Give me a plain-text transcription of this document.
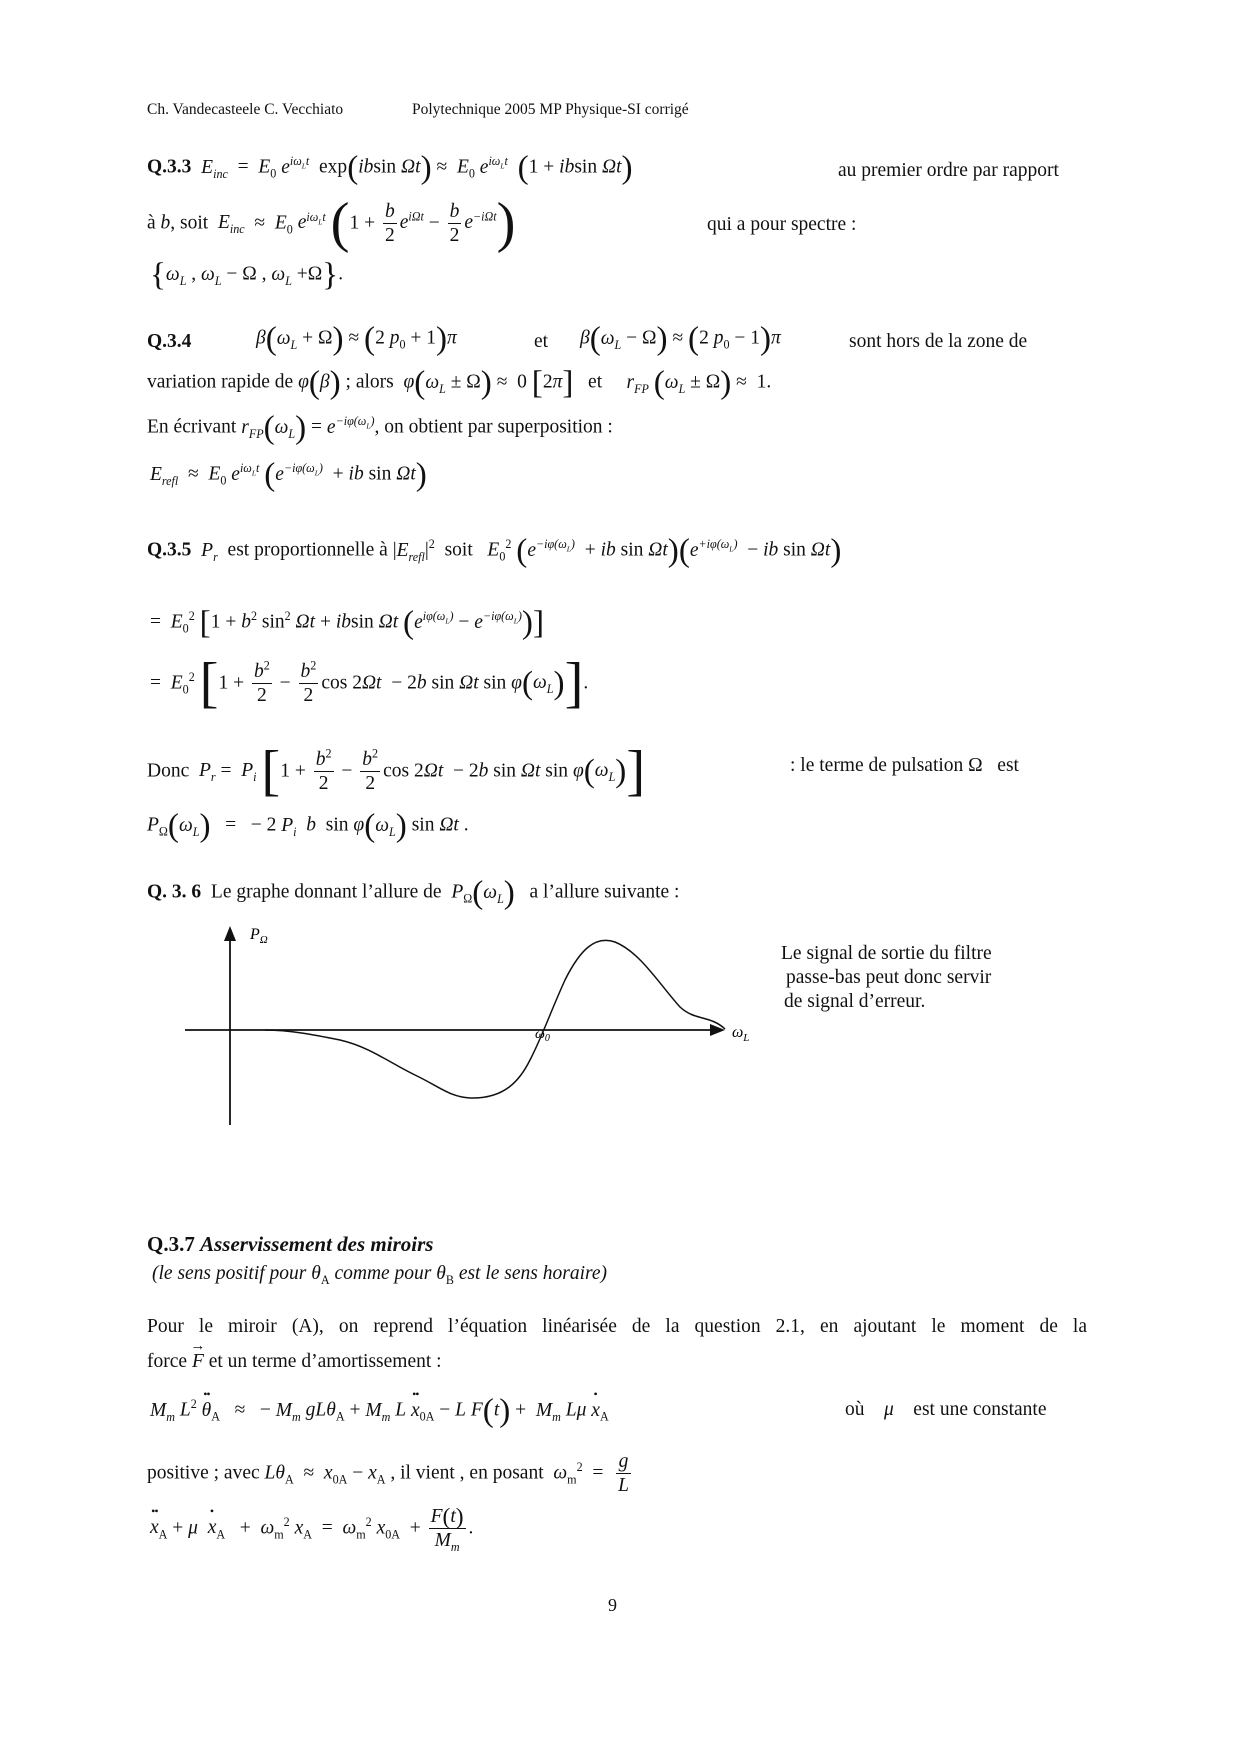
Ch. Vandecasteele C. Vecchiato	Polytechnique 2005 MP Physique-SI corrigé
Q.3.3 $E_{inc} = E_0$ $e^{i\omega_Lt}$  exp(ibsin $\Omega t) \approx E_0$ $e^{i\omega_Lt}$ (1 + ibsin Ωt)	au premier ordre par rapport
à b, soit $E_{inc} \approx E_0$ $e^{i\omega_Lt}$ $(1 + \frac{b}{2} e^{i\Omega t} - \frac{b}{2} e^{-i\Omega t})$	qui a pour spectre :
{$\omega_L$ , $\omega_L - \Omega$ , $\omega_L +\Omega$}.
Q.3.4	$\beta(\omega_L + \Omega) \approx (2$ $p_0 + 1)\pi$	et $\beta(\omega_L - \Omega) \approx (2$ $p_0 - 1)\pi$	sont hors de la zone de
variation rapide de φ(β) ; alors $\varphi(\omega_L \pm \Omega) \approx 0$ [2π] et $r_{FP}$ $(\omega_L \pm \Omega) \approx 1$.
En écrivant $r_{FP}(\omega_L) = e^{-i\varphi(\omega_L)}$, on obtient par superposition :
$E_{refl} \approx E_0$ $e^{i\omega_Lt}$ ($e^{-i\varphi(\omega_L)}$  + ib sin Ωt)
Q.3.5 $P_r$ est proportionnelle à $|E_{refl}|^2$ soit $E_0^2$ ($e^{-i\varphi(\omega_L)}$  + ib $\sin \Omega t)(e^{+i\varphi(\omega_L)}$  − ib sin Ωt)
=  $E_0^2$ [$1 + b^2$ $\sin^2 \Omega t + ibsin$ Ωt $(e^{i\varphi(\omega_L)} - e^{-i\varphi(\omega_L)})$]
=  $E_0^2$ [$1 + \frac{b^2}{2} - \frac{b^2}{2}$ cos 2Ωt  − 2b sin Ωt $\sin \varphi(\omega_L)$].
Donc $P_r = P_i$ [$1 + \frac{b^2}{2} - \frac{b^2}{2}$ cos 2Ωt  − 2b sin Ωt $\sin \varphi(\omega_L)$]	: le terme de pulsation Ω   est
$P_\Omega(\omega_L)$   =   − 2 $P_i$ b  $\sin \varphi(\omega_L)$ sin Ωt .
Q. 3. 6 Le graphe donnant l’allure de $P_\Omega(\omega_L)$ a l’allure suivante :
$P_\Omega$
$\omega_L$
$\omega_0$
Le signal de sortie du filtre
passe-bas peut donc servir
de signal d’erreur.
Q.3.7 Asservissement des miroirs
(le sens positif pour $\theta_A$ comme pour $\theta_B$ est le sens horaire)
Pour le miroir (A), on reprend l’équation linéarisée de la question 2.1, en ajoutant le moment de la
force → F et un terme d’amortissement :
$M_m$ $L^2$ •• $\theta_A$   ≈   − $M_m$ $gL\theta_A + M_m$ L •• $x_{0A} - L$ $F(t) + M_m$ Lμ • $x_A$	où μ est une constante
positive ; avec $L\theta_A \approx x_{0A} - x_A$ , il vient , en posant $\omega_m^2 = \frac{g}{L}$
•• $x_A + \mu$ • $x_A + \omega_m^2$ $x_A = \omega_m^2$ $x_{0A} + \frac{F(t)}{M_m}$ .
9
